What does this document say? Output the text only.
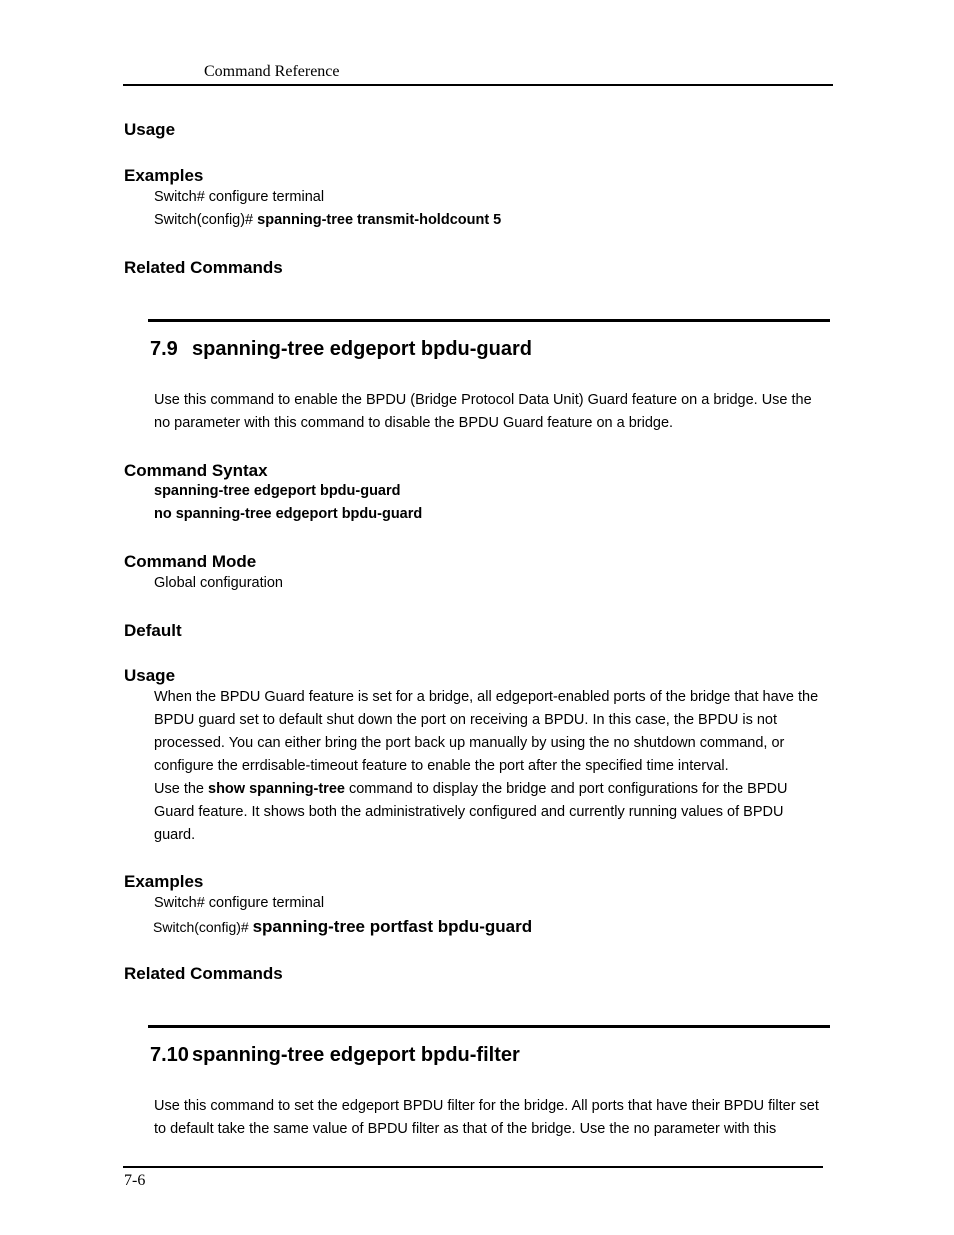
Command Reference
Usage
Examples
Switch# configure terminal
Switch(config)# spanning-tree transmit-holdcount 5
Related Commands
7.9 spanning-tree edgeport bpdu-guard
Use this command to enable the BPDU (Bridge Protocol Data Unit) Guard feature on a bridge. Use the
no parameter with this command to disable the BPDU Guard feature on a bridge.
Command Syntax
spanning-tree edgeport bpdu-guard
no spanning-tree edgeport bpdu-guard
Command Mode
Global configuration
Default
Usage
When the BPDU Guard feature is set for a bridge, all edgeport-enabled ports of the bridge that have the
BPDU guard set to default shut down the port on receiving a BPDU. In this case, the BPDU is not
processed. You can either bring the port back up manually by using the no shutdown command, or
configure the errdisable-timeout feature to enable the port after the specified time interval.
Use the show spanning-tree command to display the bridge and port configurations for the BPDU
Guard feature. It shows both the administratively configured and currently running values of BPDU
guard.
Examples
Switch# configure terminal
Switch(config)# spanning-tree portfast bpdu-guard
Related Commands
7.10 spanning-tree edgeport bpdu-filter
Use this command to set the edgeport BPDU filter for the bridge. All ports that have their BPDU filter set
to default take the same value of BPDU filter as that of the bridge. Use the no parameter with this
7-6
